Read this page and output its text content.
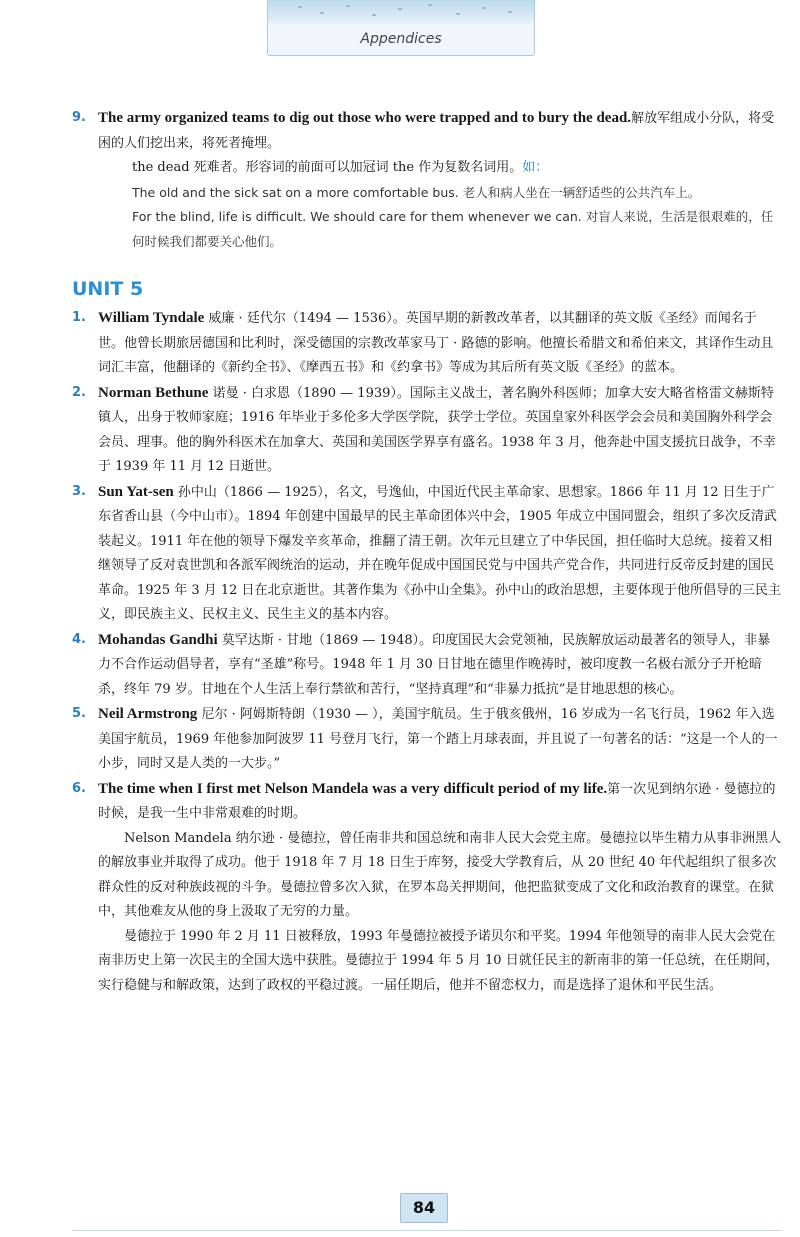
Appendices
9. The army organized teams to dig out those who were trapped and to bury the dead.解放军组成小分队，将受困的人们挖出来，将死者掩埋。
the dead 死难者。形容词的前面可以加冠词 the 作为复数名词用。如：
The old and the sick sat on a more comfortable bus. 老人和病人坐在一辆舒适些的公共汽车上。
For the blind, life is difficult. We should care for them whenever we can. 对盲人来说，生活是很艰难的，任何时候我们都要关心他们。
UNIT 5
1. William Tyndale 威廉 · 廷代尔（1494 — 1536）。英国早期的新教改革者，以其翻译的英文版《圣经》而闻名于世。他曾长期旅居德国和比利时，深受德国的宗教改革家马丁 · 路德的影响。他擅长希腊文和希伯来文，其译作生动且词汇丰富，他翻译的《新约全书》、《摩西五书》和《约拿书》等成为其后所有英文版《圣经》的蓝本。
2. Norman Bethune 诺曼 · 白求恩（1890 — 1939）。国际主义战士，著名胸外科医师；加拿大安大略省格雷文赫斯特镇人，出身于牧师家庭；1916 年毕业于多伦多大学医学院，获学士学位。英国皇家外科医学会会员和美国胸外科学会会员、理事。他的胸外科医术在加拿大、英国和美国医学界享有盛名。1938 年 3 月，他奔赴中国支援抗日战争，不幸于 1939 年 11 月 12 日逝世。
3. Sun Yat-sen 孙中山（1866 — 1925），名文，号逸仙，中国近代民主革命家、思想家。1866 年 11 月 12 日生于广东省香山县（今中山市）。1894 年创建中国最早的民主革命团体兴中会，1905 年成立中国同盟会，组织了多次反清武装起义。1911 年在他的领导下爆发辛亥革命，推翻了清王朝。次年元旦建立了中华民国，担任临时大总统。接着又相继领导了反对袁世凯和各派军阀统治的运动，并在晚年促成中国国民党与中国共产党合作，共同进行反帝反封建的国民革命。1925 年 3 月 12 日在北京逝世。其著作集为《孙中山全集》。孙中山的政治思想，主要体现于他所倡导的三民主义，即民族主义、民权主义、民生主义的基本内容。
4. Mohandas Gandhi 莫罕达斯 · 甘地（1869 — 1948）。印度国民大会党领袖，民族解放运动最著名的领导人，非暴力不合作运动倡导者，享有“圣雄”称号。1948 年 1 月 30 日甘地在德里作晚祷时，被印度教一名极右派分子开枪暗杀，终年 79 岁。甘地在个人生活上奉行禁欲和苦行，“坚持真理”和“非暴力抵抗”是甘地思想的核心。
5. Neil Armstrong 尼尔 · 阿姆斯特朗（1930 — ），美国宇航员。生于俄亥俄州，16 岁成为一名飞行员，1962 年入选美国宇航员，1969 年他参加阿波罗 11 号登月飞行，第一个踏上月球表面，并且说了一句著名的话：“这是一个人的一小步，同时又是人类的一大步。”
6. The time when I first met Nelson Mandela was a very difficult period of my life.第一次见到纳尔逊 · 曼德拉的时候，是我一生中非常艰难的时期。
Nelson Mandela 纳尔逊 · 曼德拉，曾任南非共和国总统和南非人民大会党主席。曼德拉以毕生精力从事非洲黑人的解放事业并取得了成功。他于 1918 年 7 月 18 日生于库努，接受大学教育后，从 20 世纪 40 年代起组织了很多次群众性的反对种族歧视的斗争。曼德拉曾多次入狱，在罗本岛关押期间，他把监狱变成了文化和政治教育的课堂。在狱中，其他难友从他的身上汲取了无穷的力量。
曼德拉于 1990 年 2 月 11 日被释放，1993 年曼德拉被授予诺贝尔和平奖。1994 年他领导的南非人民大会党在南非历史上第一次民主的全国大选中获胜。曼德拉于 1994 年 5 月 10 日就任民主的新南非的第一任总统，在任期间，实行稳健与和解政策，达到了政权的平稳过渡。一届任期后，他并不留恋权力，而是选择了退休和平民生活。
84
